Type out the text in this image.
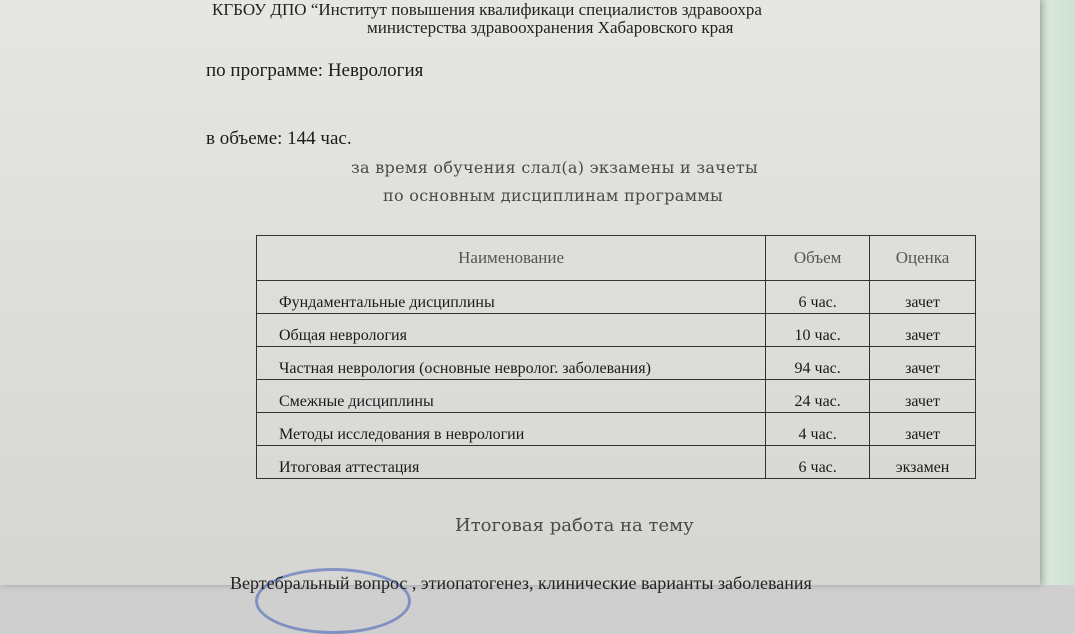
КГБОУ ДПО “Институт повышения квалификаци специалистов здравоохра
министерства здравоохранения Хабаровского края
по программе: Неврология
в объеме: 144 час.
за время обучения слал(а) экзамены и зачеты
по основным дисциплинам программы
Наименование	Объем	Оценка
Фундаментальные дисциплины	6 час.	зачет
Общая неврология	10 час.	зачет
Частная неврология (основные невролог. заболевания)	94 час.	зачет
Смежные дисциплины	24 час.	зачет
Методы исследования в неврологии	4 час.	зачет
Итоговая аттестация	6 час.	экзамен
Итоговая работа на тему
Вертебральный вопрос , этиопатогенез, клинические варианты заболевания
